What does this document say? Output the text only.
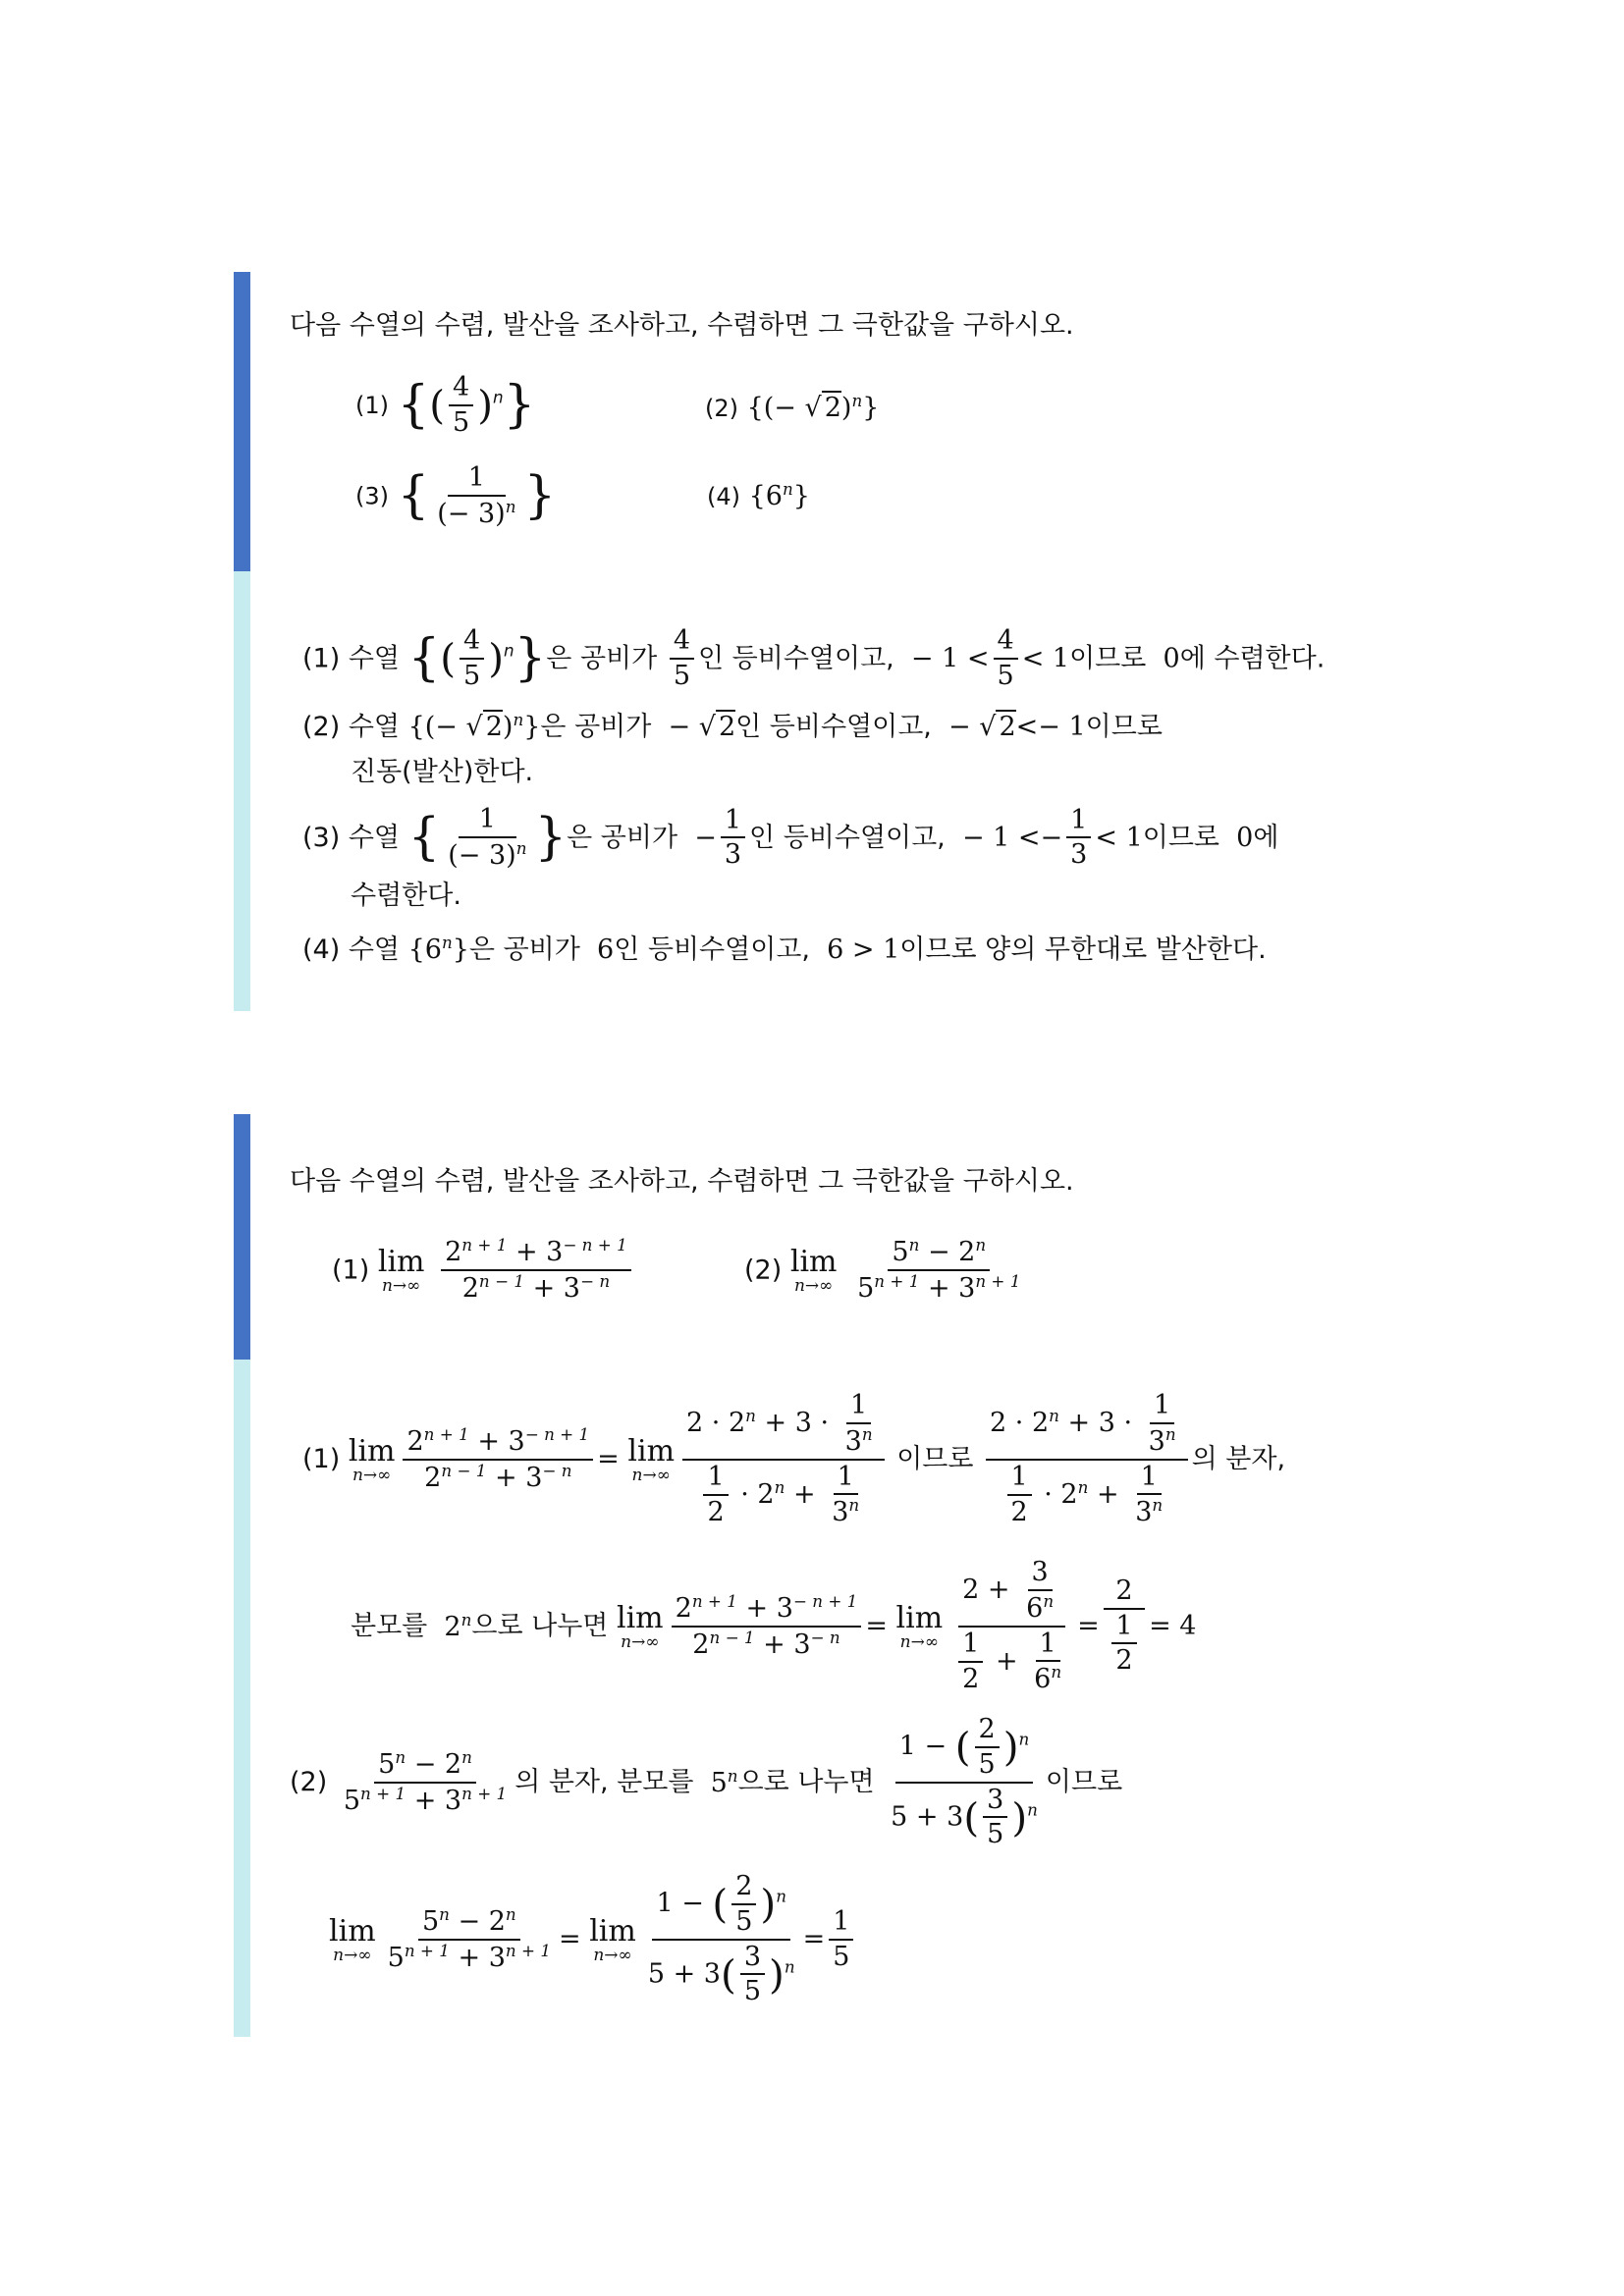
다음 수열의 수렴, 발산을 조사하고, 수렴하면 그 극한값을 구하시오.
(1) {( $\frac{4}{5} )^n$}	(2) {(− √ 2)$^n$}
(3) { $\frac{1}{(- 3)^n}$ }	(4) {6$^n$}
(1) 수열 {( $\frac{4}{5} )^n$}은 공비가 $\frac{4}{5}$ 인 등비수열이고,  − $1 < \frac{4}{5} < 1$이므로  0에 수렴한다.
(2) 수열 {(− √ 2)$^n$}은 공비가  − √ 2인 등비수열이고,  − √ 2<− 1이므로
진동(발산)한다.
(3) 수열 { $\frac{1}{(- 3)^n}$ }은 공비가  − $\frac{1}{3}$ 인 등비수열이고,  − $1 <- \frac{1}{3} < 1$이므로  0에
수렴한다.
(4) 수열 {6$^n$}은 공비가  6인 등비수열이고,  6 > 1이므로 양의 무한대로 발산한다.
다음 수열의 수렴, 발산을 조사하고, 수렴하면 그 극한값을 구하시오.
(1) lim
n→∞
$\frac{2^{n + 1} + 3^{- n + 1}}{2^{n - 1} + 3^{- n}}$	(2) lim
n→∞
$\frac{5^n - 2^n}{5^{n + 1} + 3^{n + 1}}$
(1) lim
$n\to\infty \frac{2^{n + 1} + 3^{- n + 1}}{2^{n - 1} + 3^{- n}} = \lim$
$n\to\infty \frac{2 \cdot 2^n + 3 \cdot \frac{1}{3^n}}{\frac{1}{2} \cdot 2^n + \frac{1}{3^n}}$ 이므로 $\frac{2 \cdot 2^n + 3 \cdot \frac{1}{3^n}}{\frac{1}{2} \cdot 2^n + \frac{1}{3^n}}$ 의 분자,
분모를  2$^n$으로 나누면 lim
$n\to\infty \frac{2^{n + 1} + 3^{- n + 1}}{2^{n - 1} + 3^{- n}} = \lim$
$n\to\infty \frac{2 + \frac{3}{6^n}}{\frac{1}{2} + \frac{1}{6^n}} = \frac{2}{\frac{1}{2}} = 4$
$(2) \frac{5^n - 2^n}{5^{n + 1} + 3^{n + 1}}$ 의 분자, 분모를  5$^n$으로 나누면 $\frac{1 - ( \frac{2}{5} )^n}{5 + 3( \frac{3}{5} )^n}$ 이므로
lim
$n\to\infty \frac{5^n - 2^n}{5^{n + 1} + 3^{n + 1}} = \lim$
$n\to\infty \frac{1 - ( \frac{2}{5} )^n}{5 + 3( \frac{3}{5} )^n} = \frac{1}{5}$
